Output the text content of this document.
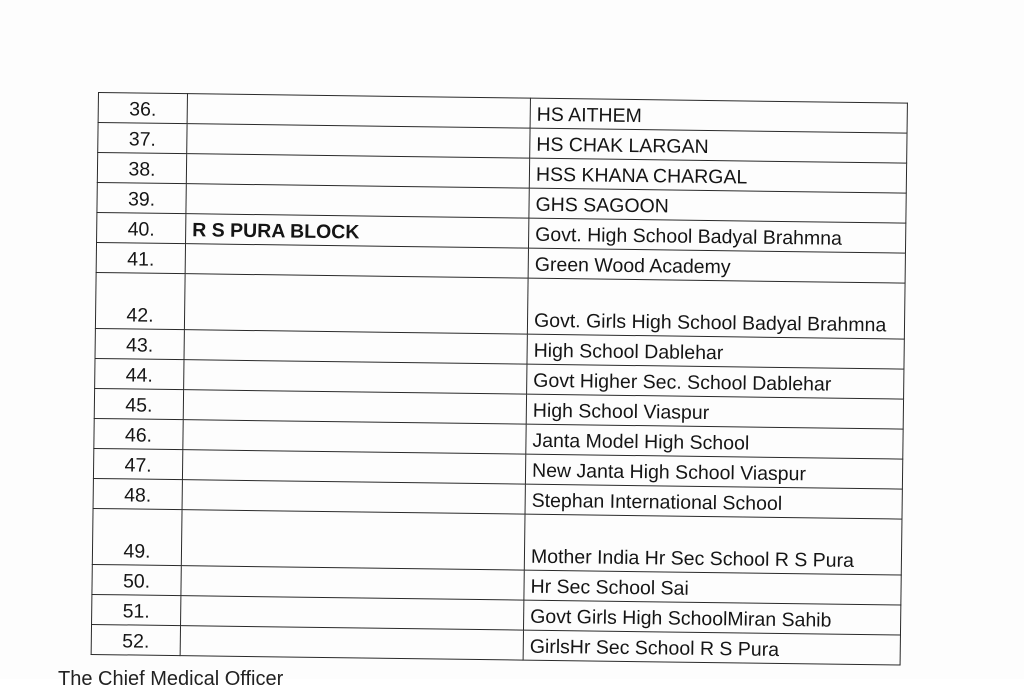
36.		HS AITHEM
37.		HS CHAK LARGAN
38.		HSS KHANA CHARGAL
39.		GHS SAGOON
40.	R S PURA BLOCK	Govt. High School Badyal Brahmna
41.		Green Wood Academy
42.		Govt. Girls High School Badyal Brahmna
43.		High School Dablehar
44.		Govt Higher Sec. School Dablehar
45.		High School Viaspur
46.		Janta Model High School
47.		New Janta High School Viaspur
48.		Stephan International School
49.		Mother India Hr Sec School R S Pura
50.		Hr Sec School Sai
51.		Govt Girls High SchoolMiran Sahib
52.		GirlsHr Sec School R S Pura
The Chief Medical Officer
